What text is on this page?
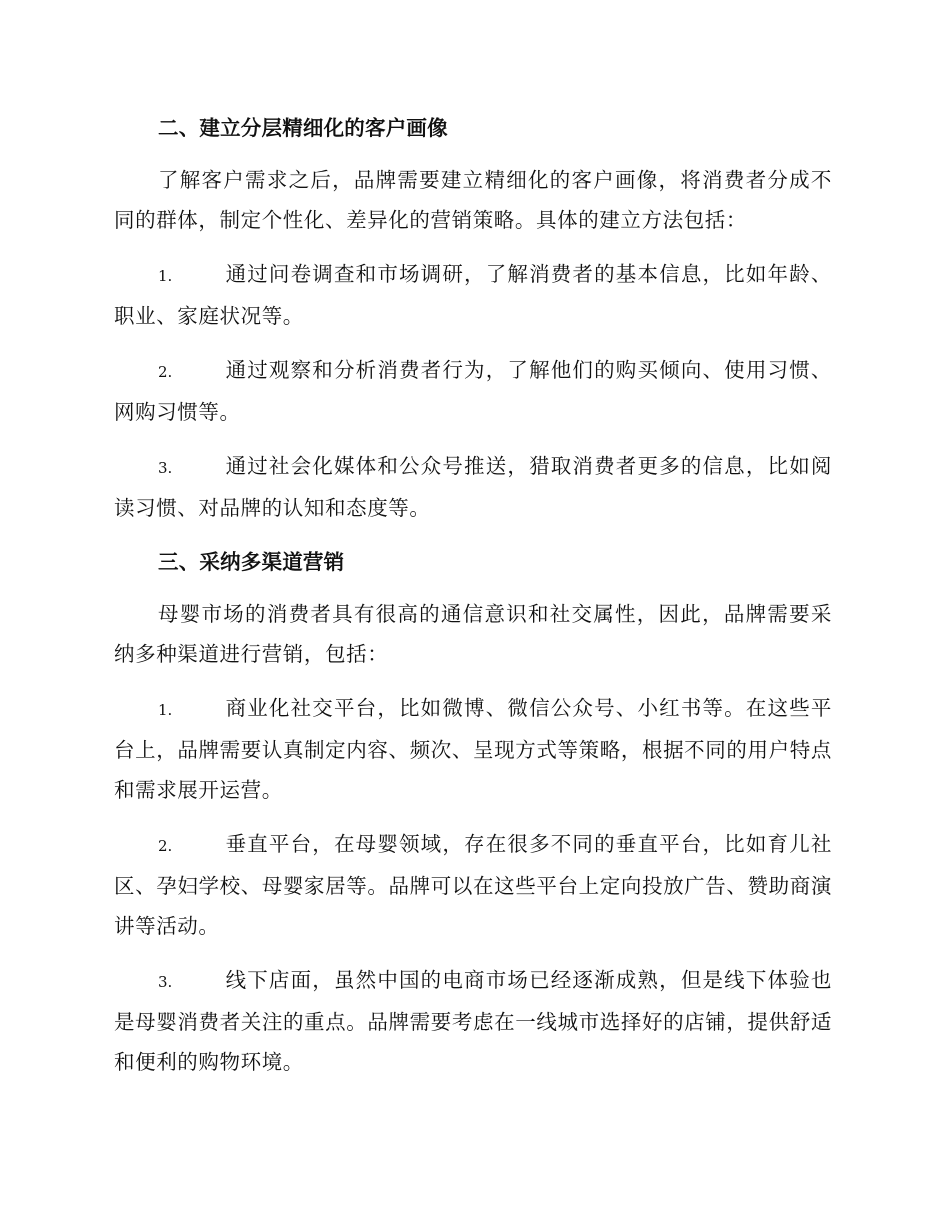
二、建立分层精细化的客户画像

了解客户需求之后，品牌需要建立精细化的客户画像，将消费者分成不同的群体，制定个性化、差异化的营销策略。具体的建立方法包括：

1.	通过问卷调查和市场调研，了解消费者的基本信息，比如年龄、职业、家庭状况等。

2.	通过观察和分析消费者行为，了解他们的购买倾向、使用习惯、网购习惯等。

3.	通过社会化媒体和公众号推送，猎取消费者更多的信息，比如阅读习惯、对品牌的认知和态度等。

三、采纳多渠道营销

母婴市场的消费者具有很高的通信意识和社交属性，因此，品牌需要采纳多种渠道进行营销，包括：

1.	商业化社交平台，比如微博、微信公众号、小红书等。在这些平台上，品牌需要认真制定内容、频次、呈现方式等策略，根据不同的用户特点和需求展开运营。

2.	垂直平台，在母婴领域，存在很多不同的垂直平台，比如育儿社区、孕妇学校、母婴家居等。品牌可以在这些平台上定向投放广告、赞助商演讲等活动。

3.	线下店面，虽然中国的电商市场已经逐渐成熟，但是线下体验也是母婴消费者关注的重点。品牌需要考虑在一线城市选择好的店铺，提供舒适和便利的购物环境。
